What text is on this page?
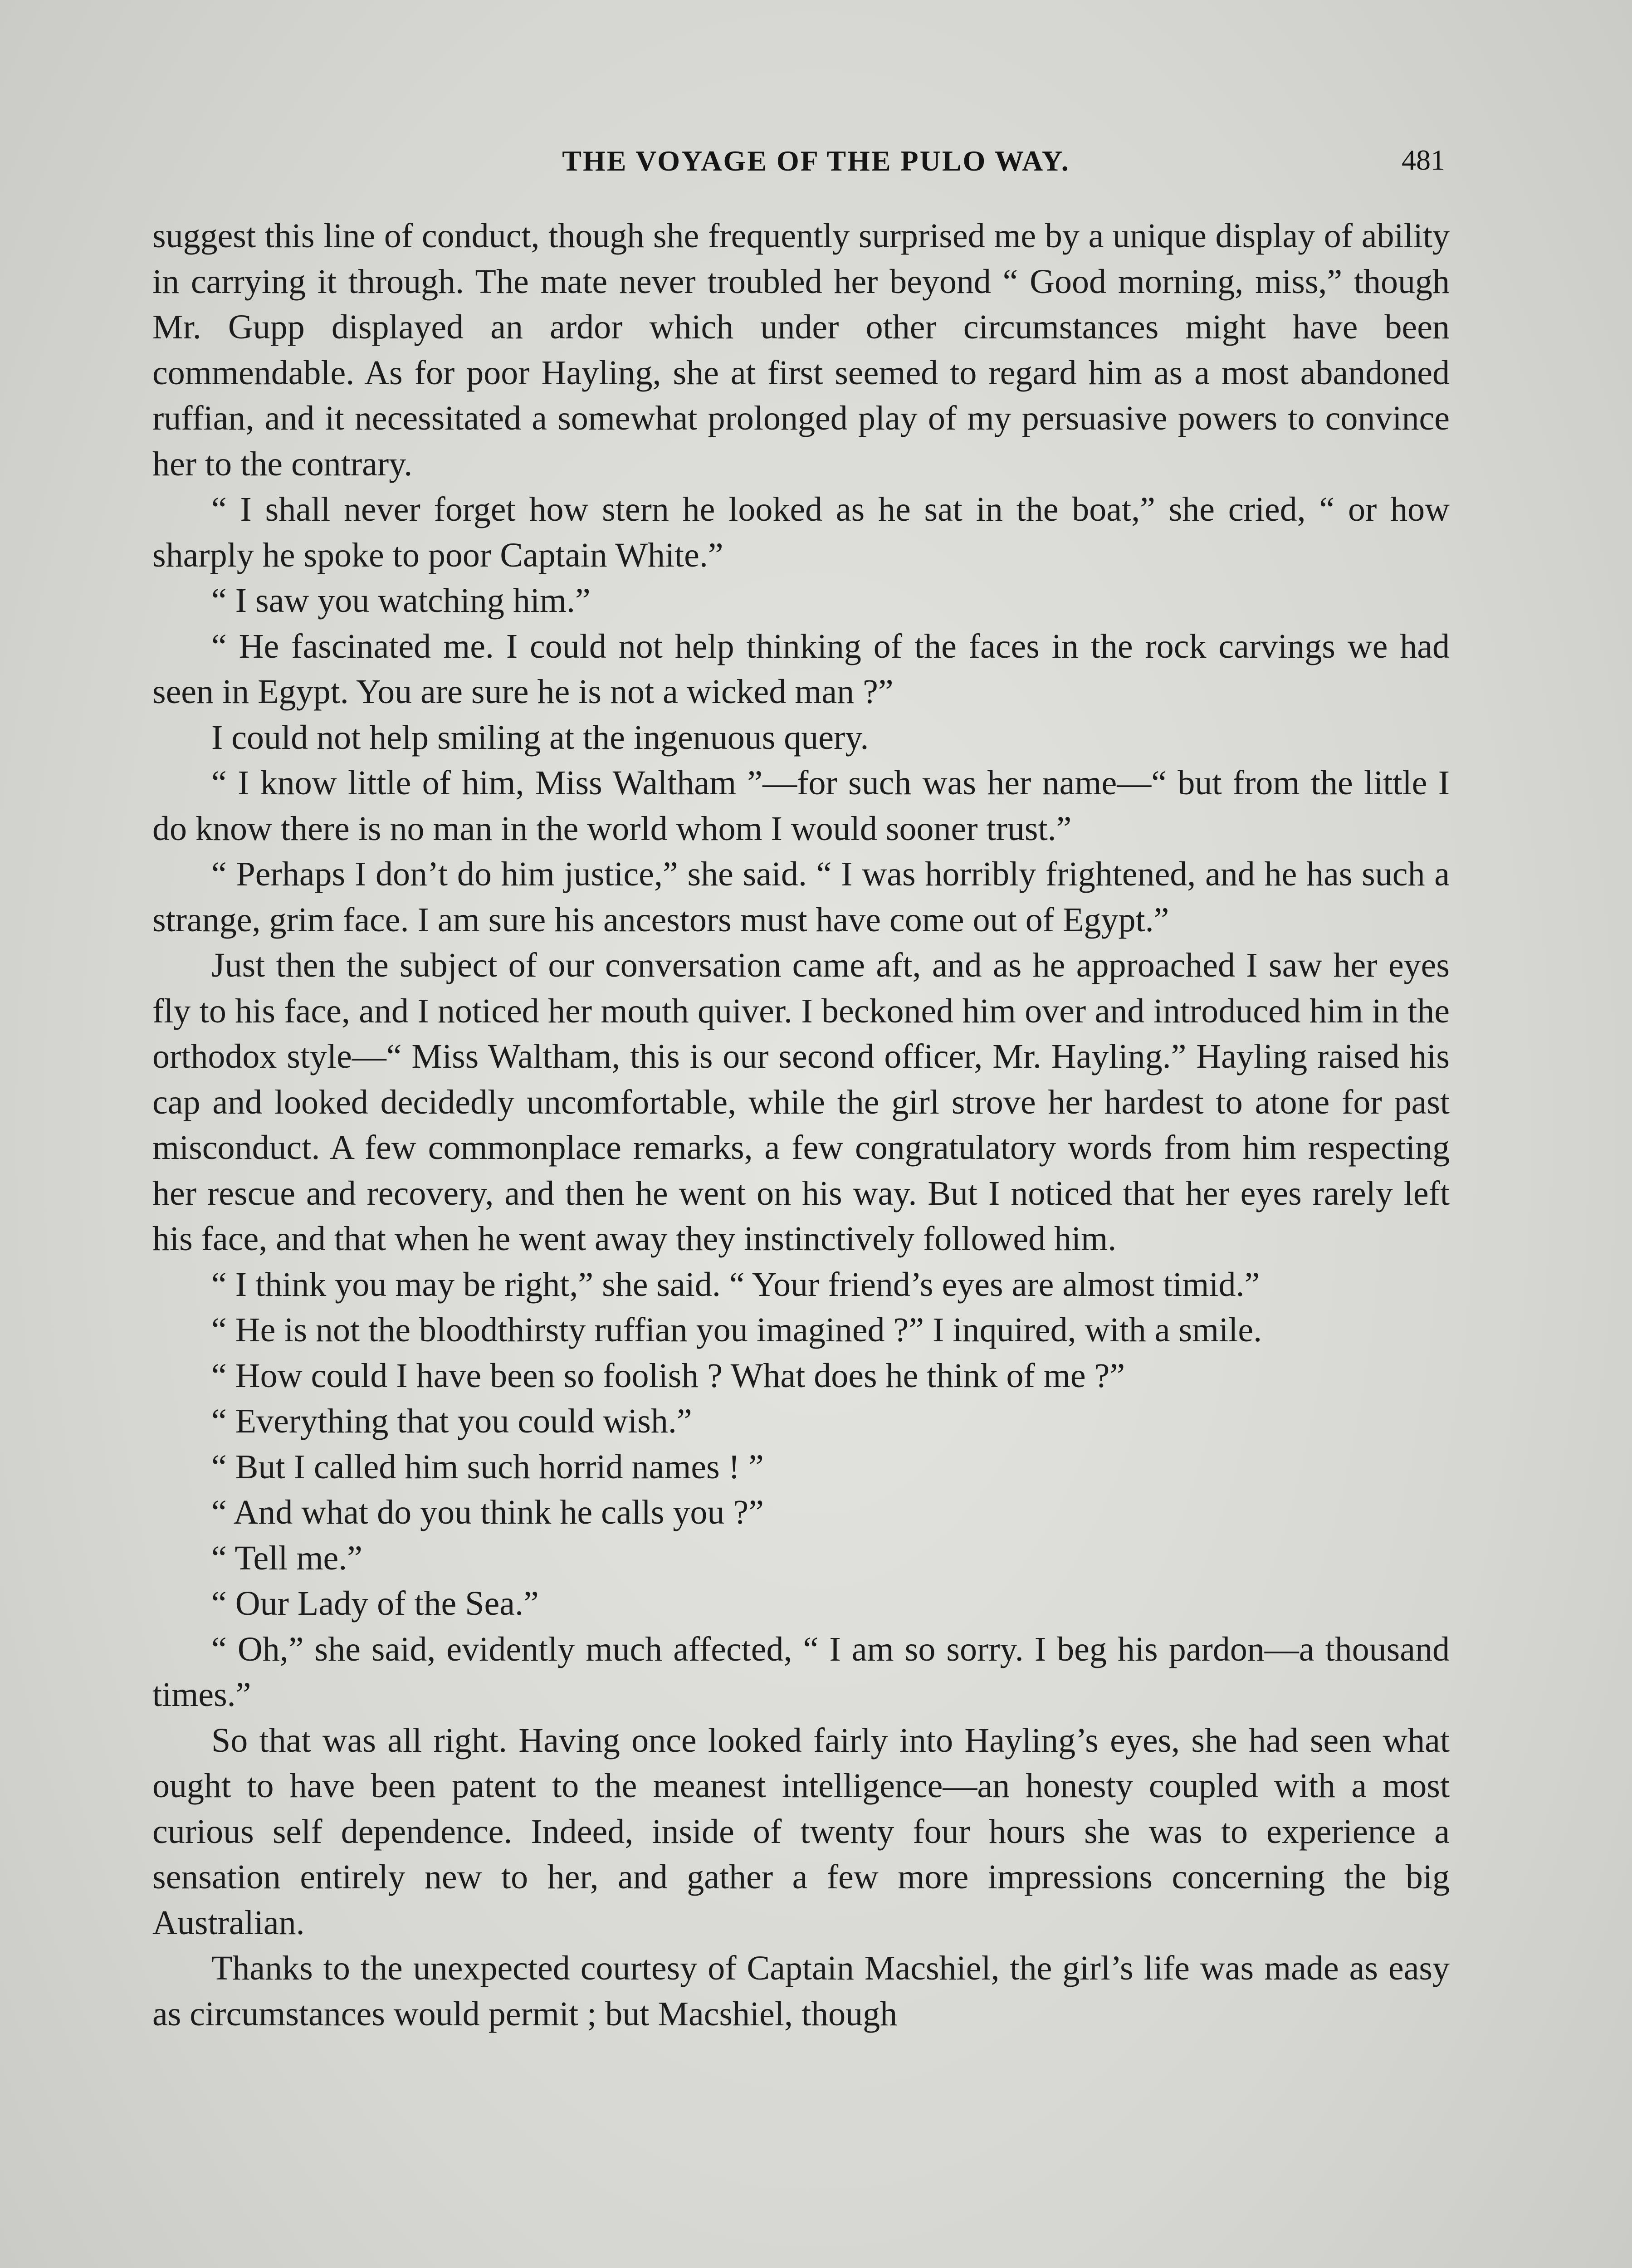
THE VOYAGE OF THE PULO WAY.	481

suggest this line of conduct, though she frequently surprised me by a unique display of ability in carrying it through. The mate never troubled her beyond “ Good morning, miss,” though Mr. Gupp displayed an ardor which under other circumstances might have been commendable. As for poor Hayling, she at first seemed to regard him as a most abandoned ruffian, and it necessitated a somewhat prolonged play of my persuasive powers to convince her to the contrary.

“ I shall never forget how stern he looked as he sat in the boat,” she cried, “ or how sharply he spoke to poor Captain White.”

“ I saw you watching him.”

“ He fascinated me. I could not help thinking of the faces in the rock carvings we had seen in Egypt. You are sure he is not a wicked man ?”

I could not help smiling at the ingenuous query.

“ I know little of him, Miss Waltham ”—for such was her name—“ but from the little I do know there is no man in the world whom I would sooner trust.”

“ Perhaps I don’t do him justice,” she said. “ I was horribly frightened, and he has such a strange, grim face. I am sure his ancestors must have come out of Egypt.”

Just then the subject of our conversation came aft, and as he approached I saw her eyes fly to his face, and I noticed her mouth quiver. I beckoned him over and introduced him in the orthodox style—“ Miss Waltham, this is our second officer, Mr. Hayling.” Hayling raised his cap and looked decidedly uncomfortable, while the girl strove her hardest to atone for past misconduct. A few commonplace remarks, a few congratulatory words from him respecting her rescue and recovery, and then he went on his way. But I noticed that her eyes rarely left his face, and that when he went away they instinctively followed him.

“ I think you may be right,” she said. “ Your friend’s eyes are almost timid.”

“ He is not the bloodthirsty ruffian you imagined ?” I inquired, with a smile.

“ How could I have been so foolish ? What does he think of me ?”

“ Everything that you could wish.”

“ But I called him such horrid names ! ”

“ And what do you think he calls you ?”

“ Tell me.”

“ Our Lady of the Sea.”

“ Oh,” she said, evidently much affected, “ I am so sorry. I beg his pardon—a thousand times.”

So that was all right. Having once looked fairly into Hayling’s eyes, she had seen what ought to have been patent to the meanest intelligence—an honesty coupled with a most curious self dependence. Indeed, inside of twenty four hours she was to experience a sensation entirely new to her, and gather a few more impressions concerning the big Australian.

Thanks to the unexpected courtesy of Captain Macshiel, the girl’s life was made as easy as circumstances would permit ; but Macshiel, though
